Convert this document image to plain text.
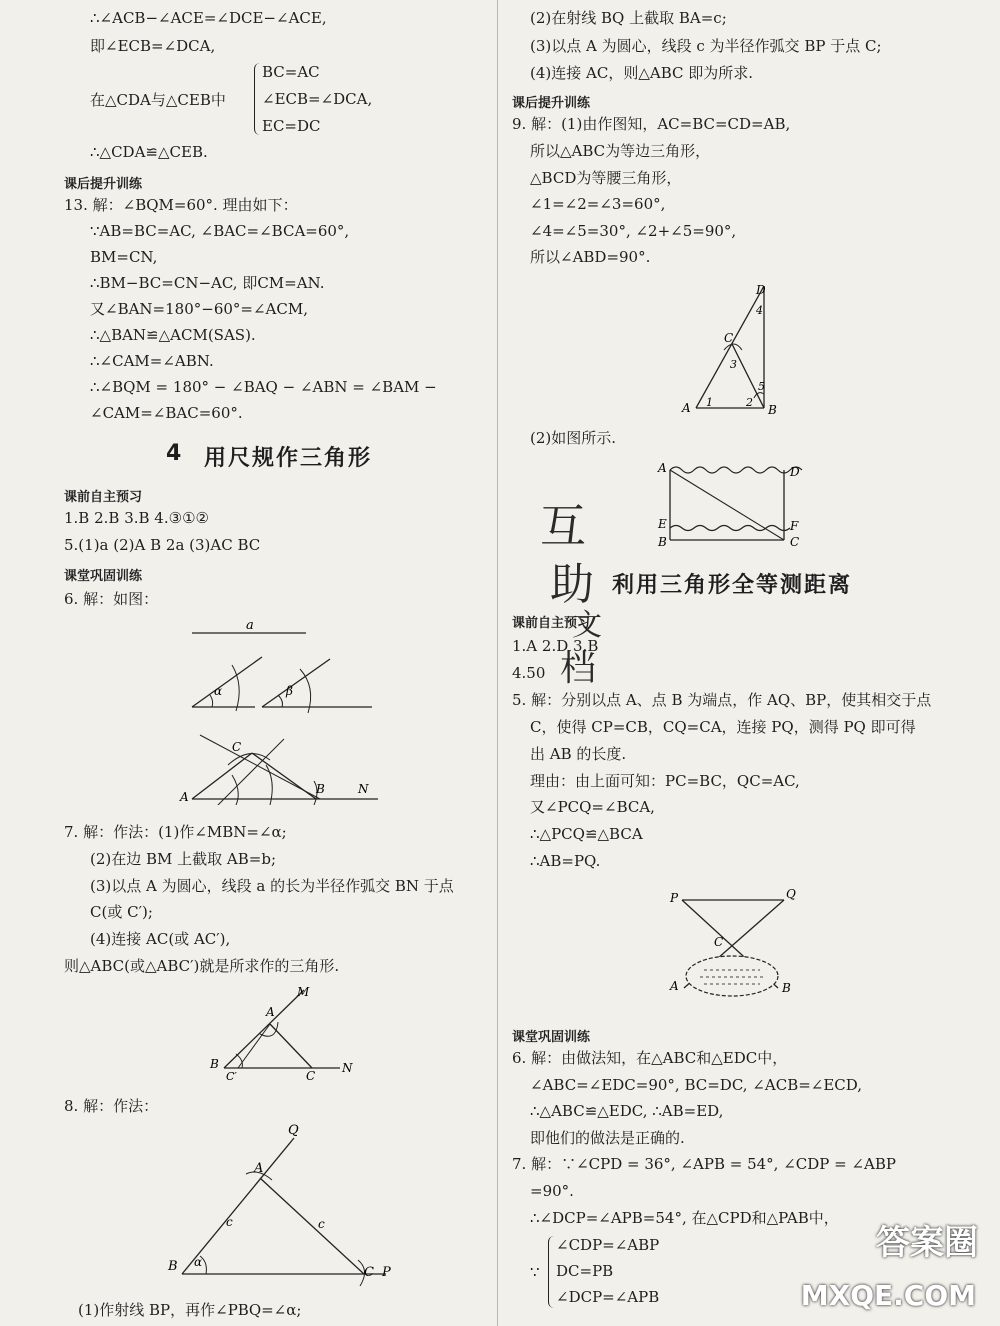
∴∠ACB−∠ACE=∠DCE−∠ACE,
即∠ECB=∠DCA,
在△CDA与△CEB中
BC=AC
∠ECB=∠DCA,
EC=DC
∴△CDA≌△CEB.
课后提升训练
13. 解：∠BQM=60°. 理由如下：
∵AB=BC=AC, ∠BAC=∠BCA=60°,
BM=CN,
∴BM−BC=CN−AC, 即CM=AN.
又∠BAN=180°−60°=∠ACM,
∴△BAN≌△ACM(SAS).
∴∠CAM=∠ABN.
∴∠BQM = 180° − ∠BAQ − ∠ABN = ∠BAM −
∠CAM=∠BAC=60°.
4 用尺规作三角形
课前自主预习
1.B 2.B 3.B 4.③①②
5.(1)a (2)A B 2a (3)AC BC
课堂巩固训练
6. 解：如图：
a
α	β
A
B	N
C
7. 解：作法：(1)作∠MBN=∠α;
(2)在边 BM 上截取 AB=b;
(3)以点 A 为圆心，线段 a 的长为半径作弧交 BN 于点
C(或 C′);
(4)连接 AC(或 AC′),
则△ABC(或△ABC′)就是所求作的三角形.
M
A
B
C′	C
N
8. 解：作法：
Q
A
c	c
B α
C P
(1)作射线 BP，再作∠PBQ=∠α;
(2)在射线 BQ 上截取 BA=c;
(3)以点 A 为圆心，线段 c 为半径作弧交 BP 于点 C;
(4)连接 AC，则△ABC 即为所求.
课后提升训练
9. 解：(1)由作图知，AC=BC=CD=AB,
所以△ABC为等边三角形，
△BCD为等腰三角形，
∠1=∠2=∠3=60°,
∠4=∠5=30°, ∠2+∠5=90°,
所以∠ABD=90°.
D
4
C
3
5
A 1	2
B
(2)如图所示.
A	D
E	F
B	C
互
助
文
档
利用三角形全等测距离
课前自主预习
1.A 2.D 3.B
4.50
5. 解：分别以点 A、点 B 为端点，作 AQ、BP，使其相交于点
C，使得 CP=CB，CQ=CA，连接 PQ，测得 PQ 即可得
出 AB 的长度.
理由：由上面可知：PC=BC，QC=AC,
又∠PCQ=∠BCA,
∴△PCQ≌△BCA
∴AB=PQ.
P	Q
C
A	B
课堂巩固训练
6. 解：由做法知，在△ABC和△EDC中，
∠ABC=∠EDC=90°, BC=DC, ∠ACB=∠ECD,
∴△ABC≌△EDC, ∴AB=ED,
即他们的做法是正确的.
7. 解：∵∠CPD = 36°, ∠APB = 54°, ∠CDP = ∠ABP
=90°.
∴∠DCP=∠APB=54°, 在△CPD和△PAB中，
∵
∠CDP=∠ABP
DC=PB
∠DCP=∠APB
答案圈
MXQE.COM
